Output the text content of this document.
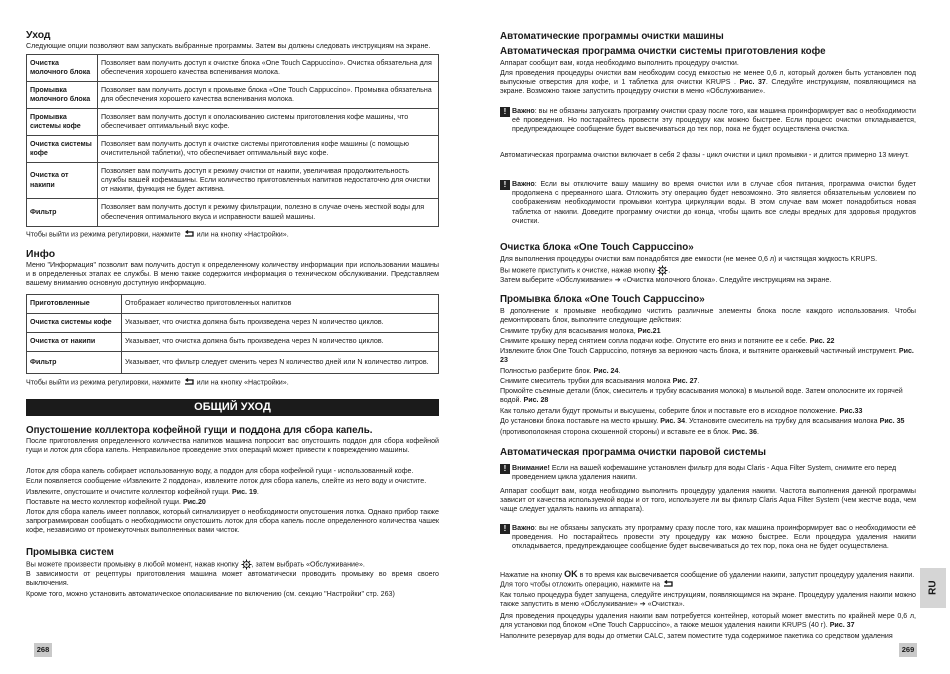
Уход

Следующие опции позволяют вам запускать выбранные программы. Затем вы должны следовать инструкциям на экране.

Очистка молочного блока	Позволяет вам получить доступ к очистке блока «One Touch Cappuccino». Очистка обязательна для обеспечения хорошего качества вспенивания молока.
Промывка молочного блока	Позволяет вам получить доступ к промывке блока «One Touch Cappuccino». Промывка обязательна для обеспечения хорошего качества вспенивания молока.
Промывка системы кофе	Позволяет вам получить доступ к ополаскиванию системы приготовления кофе машины, что обеспечивает оптимальный вкус кофе.
Очистка системы кофе	Позволяет вам получить доступ к очистке системы приготовления кофе машины (с помощью очистительной таблетки), что обеспечивает оптимальный вкус кофе.
Очистка от накипи	Позволяет вам получить доступ к режиму очистки от накипи, увеличивая продолжительность службы вашей кофемашины. Если количество приготовленных напитков недостаточно для очистки от накипи, функция не будет активна.
Фильтр	Позволяет вам получить доступ к режиму фильтрации, полезно в случае очень жесткой воды для обеспечения оптимального вкуса и исправности вашей машины.

Чтобы выйти из режима регулировки, нажмите или на кнопку «Настройки».

Инфо

Меню "Информация" позволит вам получить доступ к определенному количеству информации при использовании машины и в определенных этапах ее службы. В меню также содержится информация о техническом обслуживании. Представляем вашему вниманию основную доступную информацию.

Приготовленные	Отображает количество приготовленных напитков
Очистка системы кофе	Указывает, что очистка должна быть произведена через N количество циклов.
Очистка от накипи	Указывает, что очистка должна быть произведена через N количество циклов.
Фильтр	Указывает, что фильтр следует сменить через N количество дней или N количество литров.

Чтобы выйти из режима регулировки, нажмите или на кнопку «Настройки».

ОБЩИЙ УХОД
Опустошение коллектора кофейной гущи и поддона для сбора капель.

После приготовления определенного количества напитков машина попросит вас опустошить поддон для сбора кофейной гущи и лоток для сбора капель. Неправильное проведение этих операций может привести к повреждению машины.

Лоток для сбора капель собирает использованную воду, а поддон для сбора кофейной гущи - использованный кофе.

Если появляется сообщение «Извлеките 2 поддона», извлеките лоток для сбора капель, слейте из него воду и очистите.

Извлеките, опустошите и очистите коллектор кофейной гущи. Рис. 19.

Поставьте на место коллектор кофейной гущи. Рис.20

Лоток для сбора капель имеет поплавок, который сигнализирует о необходимости опустошения лотка. Однако прибор также запрограммирован сообщать о необходимости опустошить лоток для сбора капель после определенного количества чашек кофе, независимо от промежуточных выполненных вами чисток.

Промывка систем

Вы можете произвести промывку в любой момент, нажав кнопку , затем выбрать «Обслуживание».

В зависимости от рецептуры приготовления машина может автоматически проводить промывку во время своего выключения.

Кроме того, можно установить автоматическое ополаскивание по включению (см. секцию "Настройки" стр. 263)

268
Автоматические программы очистки машины
Автоматическая программа очистки системы приготовления кофе

Аппарат сообщит вам, когда необходимо выполнить процедуру очистки.

Для проведения процедуры очистки вам необходим сосуд емкостью не менее 0,6 л, который должен быть установлен под выпускные отверстия для кофе, и 1 таблетка для очистки KRUPS . Рис. 37. Следуйте инструкциям, появляющимся на экране. Возможно также запустить процедуру очистки в меню «Обслуживание».

! Важно: вы не обязаны запускать программу очистки сразу после того, как машина проинформирует вас о необходимости её проведения. Но постарайтесь провести эту процедуру как можно быстрее. Если процесс очистки откладывается, предупреждающее сообщение будет высвечиваться до тех пор, пока не будет осуществлена очистка.

Автоматическая программа очистки включает в себя 2 фазы - цикл очистки и цикл промывки - и длится примерно 13 минут.

! Важно: Если вы отключите вашу машину во время очистки или в случае сбоя питания, программа очистки будет продолжена с прерванного шага. Отложить эту операцию будет невозможно. Это является обязательным условием по соображениям необходимости промывки контура циркуляции воды. В этом случае вам может понадобиться новая таблетка от накипи. Доведите программу очистки до конца, чтобы щаить все следы вредных для здоровья продуктов очистки.

Очистка блока «One Touch Cappuccino»

Для выполнения процедуры очистки вам понадобятся две емкости (не менее 0,6 л) и чистящая жидкость KRUPS.

Вы можете приступить к очистке, нажав кнопку .

Затем выберите «Обслуживание» ➔ «Очистка молочного блока». Следуйте инструкциям на экране.

Промывка блока «One Touch Cappuccino»

В дополнение к промывке необходимо чистить различные элементы блока после каждого использования. Чтобы демонтировать блок, выполните следующие действия:

Снимите трубку для всасывания молока, Рис.21

Снимите крышку перед снятием сопла подачи кофе. Опустите его вниз и потяните ее к себе. Рис. 22

Извлеките блок One Touch Cappuccino, потянув за верхнюю часть блока, и вытяните оранжевый частичный инструмент. Рис. 23

Полностью разберите блок. Рис. 24.

Снимите смеситель трубки для всасывания молока Рис. 27.

Промойте съемные детали (блок, смеситель и трубку всасывания молока) в мыльной воде. Затем ополосните их горячей водой. Рис. 28

Как только детали будут промыты и высушены, соберите блок и поставьте его в исходное положение. Рис.33

До установки блока поставьте на место крышку. Рис. 34. Установите смеситель на трубку для всасывания молока Рис. 35

(противоположная сторона скошенной стороны) и вставьте ее в блок. Рис. 36.

Автоматическая программа очистки паровой системы
! Внимание! Если на вашей кофемашине установлен фильтр для воды Claris - Aqua Filter System, снимите его перед проведением цикла удаления накипи.

Аппарат сообщит вам, когда необходимо выполнить процедуру удаления накипи. Частота выполнения данной программы зависит от качества используемой воды и от того, используете ли вы фильтр Claris Aqua Filter System (чем жестче вода, чем чаще следует удалять накипь из аппарата).

! Важно: вы не обязаны запускать эту программу сразу после того, как машина проинформирует вас о необходимости её проведения. Но постарайтесь провести эту процедуру как можно быстрее. Если процедура удаления накипи откладывается, предупреждающее сообщение будет высвечиваться до тех пор, пока она не будет осуществлена.

Нажатие на кнопку OK в то время как высвечивается сообщение об удалении накипи, запустит процедуру удаления накипи. Для того чтобы отложить операцию, нажмите на

Как только процедура будет запущена, следуйте инструкциям, появляющимся на экране. Процедуру удаления накипи можно также запустить в меню «Обслуживание» ➔ «Очистка».

Для проведения процедуры удаления накипи вам потребуется контейнер, который может вместить по крайней мере 0,6 л, для установки под блоком «One Touch Cappuccino», а также мешок удаления накипи KRUPS (40 г). Рис. 37

Наполните резервуар для воды до отметки CALC, затем поместите туда содержимое пакетика со средством удаления

269
RU
